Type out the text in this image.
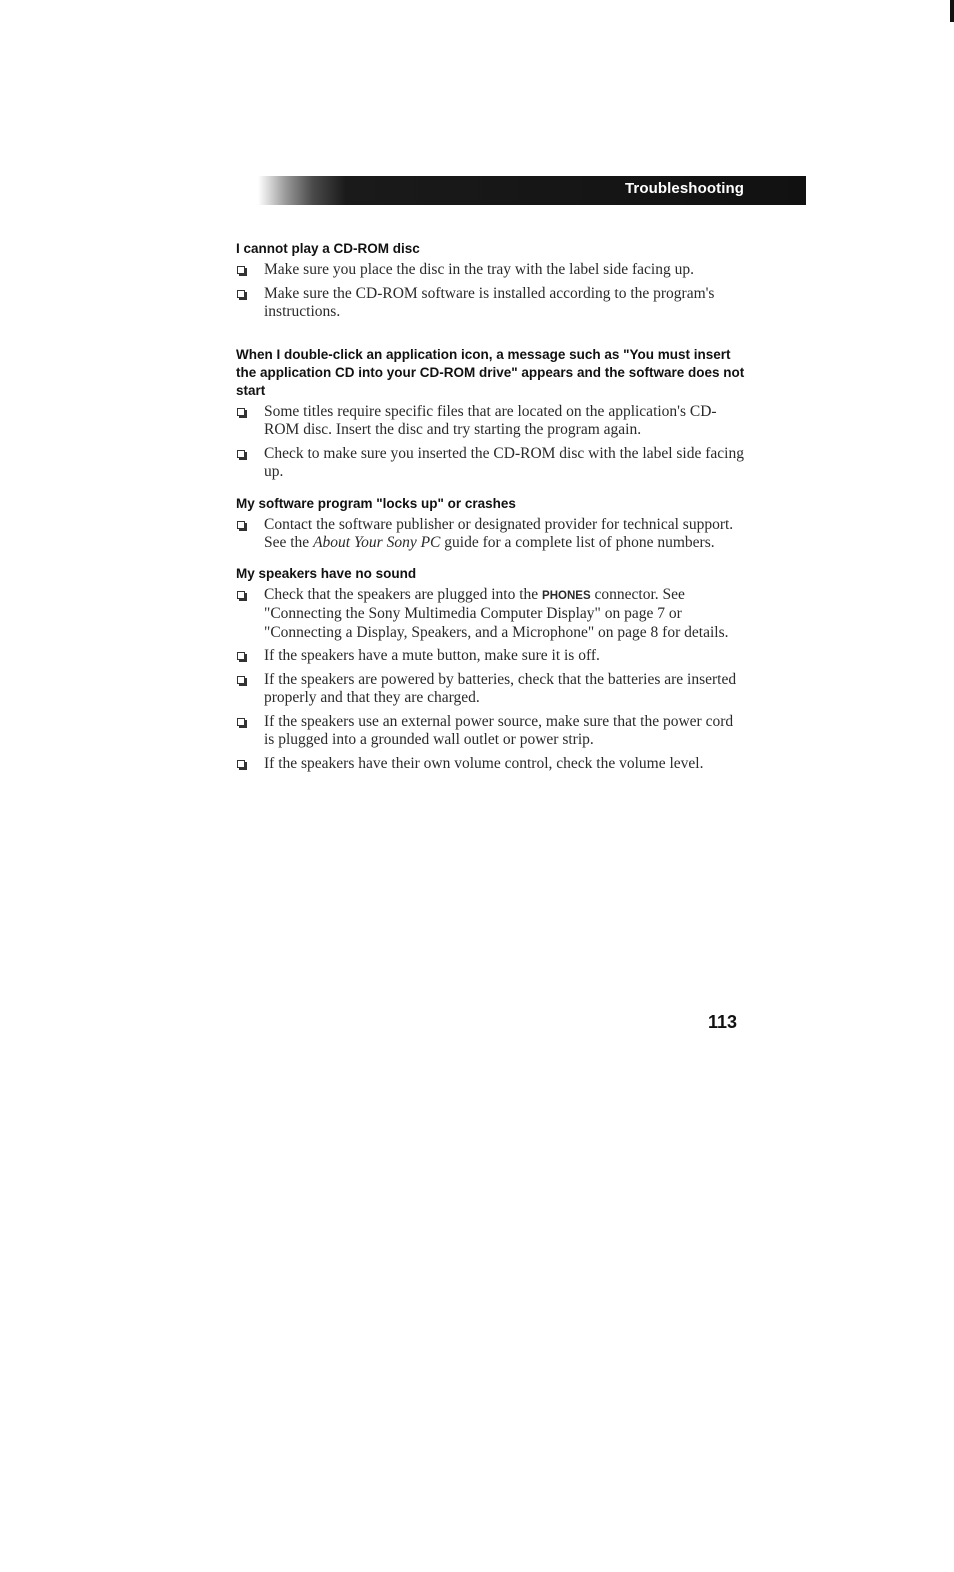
Troubleshooting
I cannot play a CD-ROM disc
Make sure you place the disc in the tray with the label side facing up.
Make sure the CD-ROM software is installed according to the program's instructions.
When I double-click an application icon, a message such as "You must insert the application CD into your CD-ROM drive" appears and the software does not start
Some titles require specific files that are located on the application's CD-ROM disc. Insert the disc and try starting the program again.
Check to make sure you inserted the CD-ROM disc with the label side facing up.
My software program "locks up" or crashes
Contact the software publisher or designated provider for technical support. See the About Your Sony PC guide for a complete list of phone numbers.
My speakers have no sound
Check that the speakers are plugged into the PHONES connector. See "Connecting the Sony Multimedia Computer Display" on page 7 or "Connecting a Display, Speakers, and a Microphone" on page 8 for details.
If the speakers have a mute button, make sure it is off.
If the speakers are powered by batteries, check that the batteries are inserted properly and that they are charged.
If the speakers use an external power source, make sure that the power cord is plugged into a grounded wall outlet or power strip.
If the speakers have their own volume control, check the volume level.
113
